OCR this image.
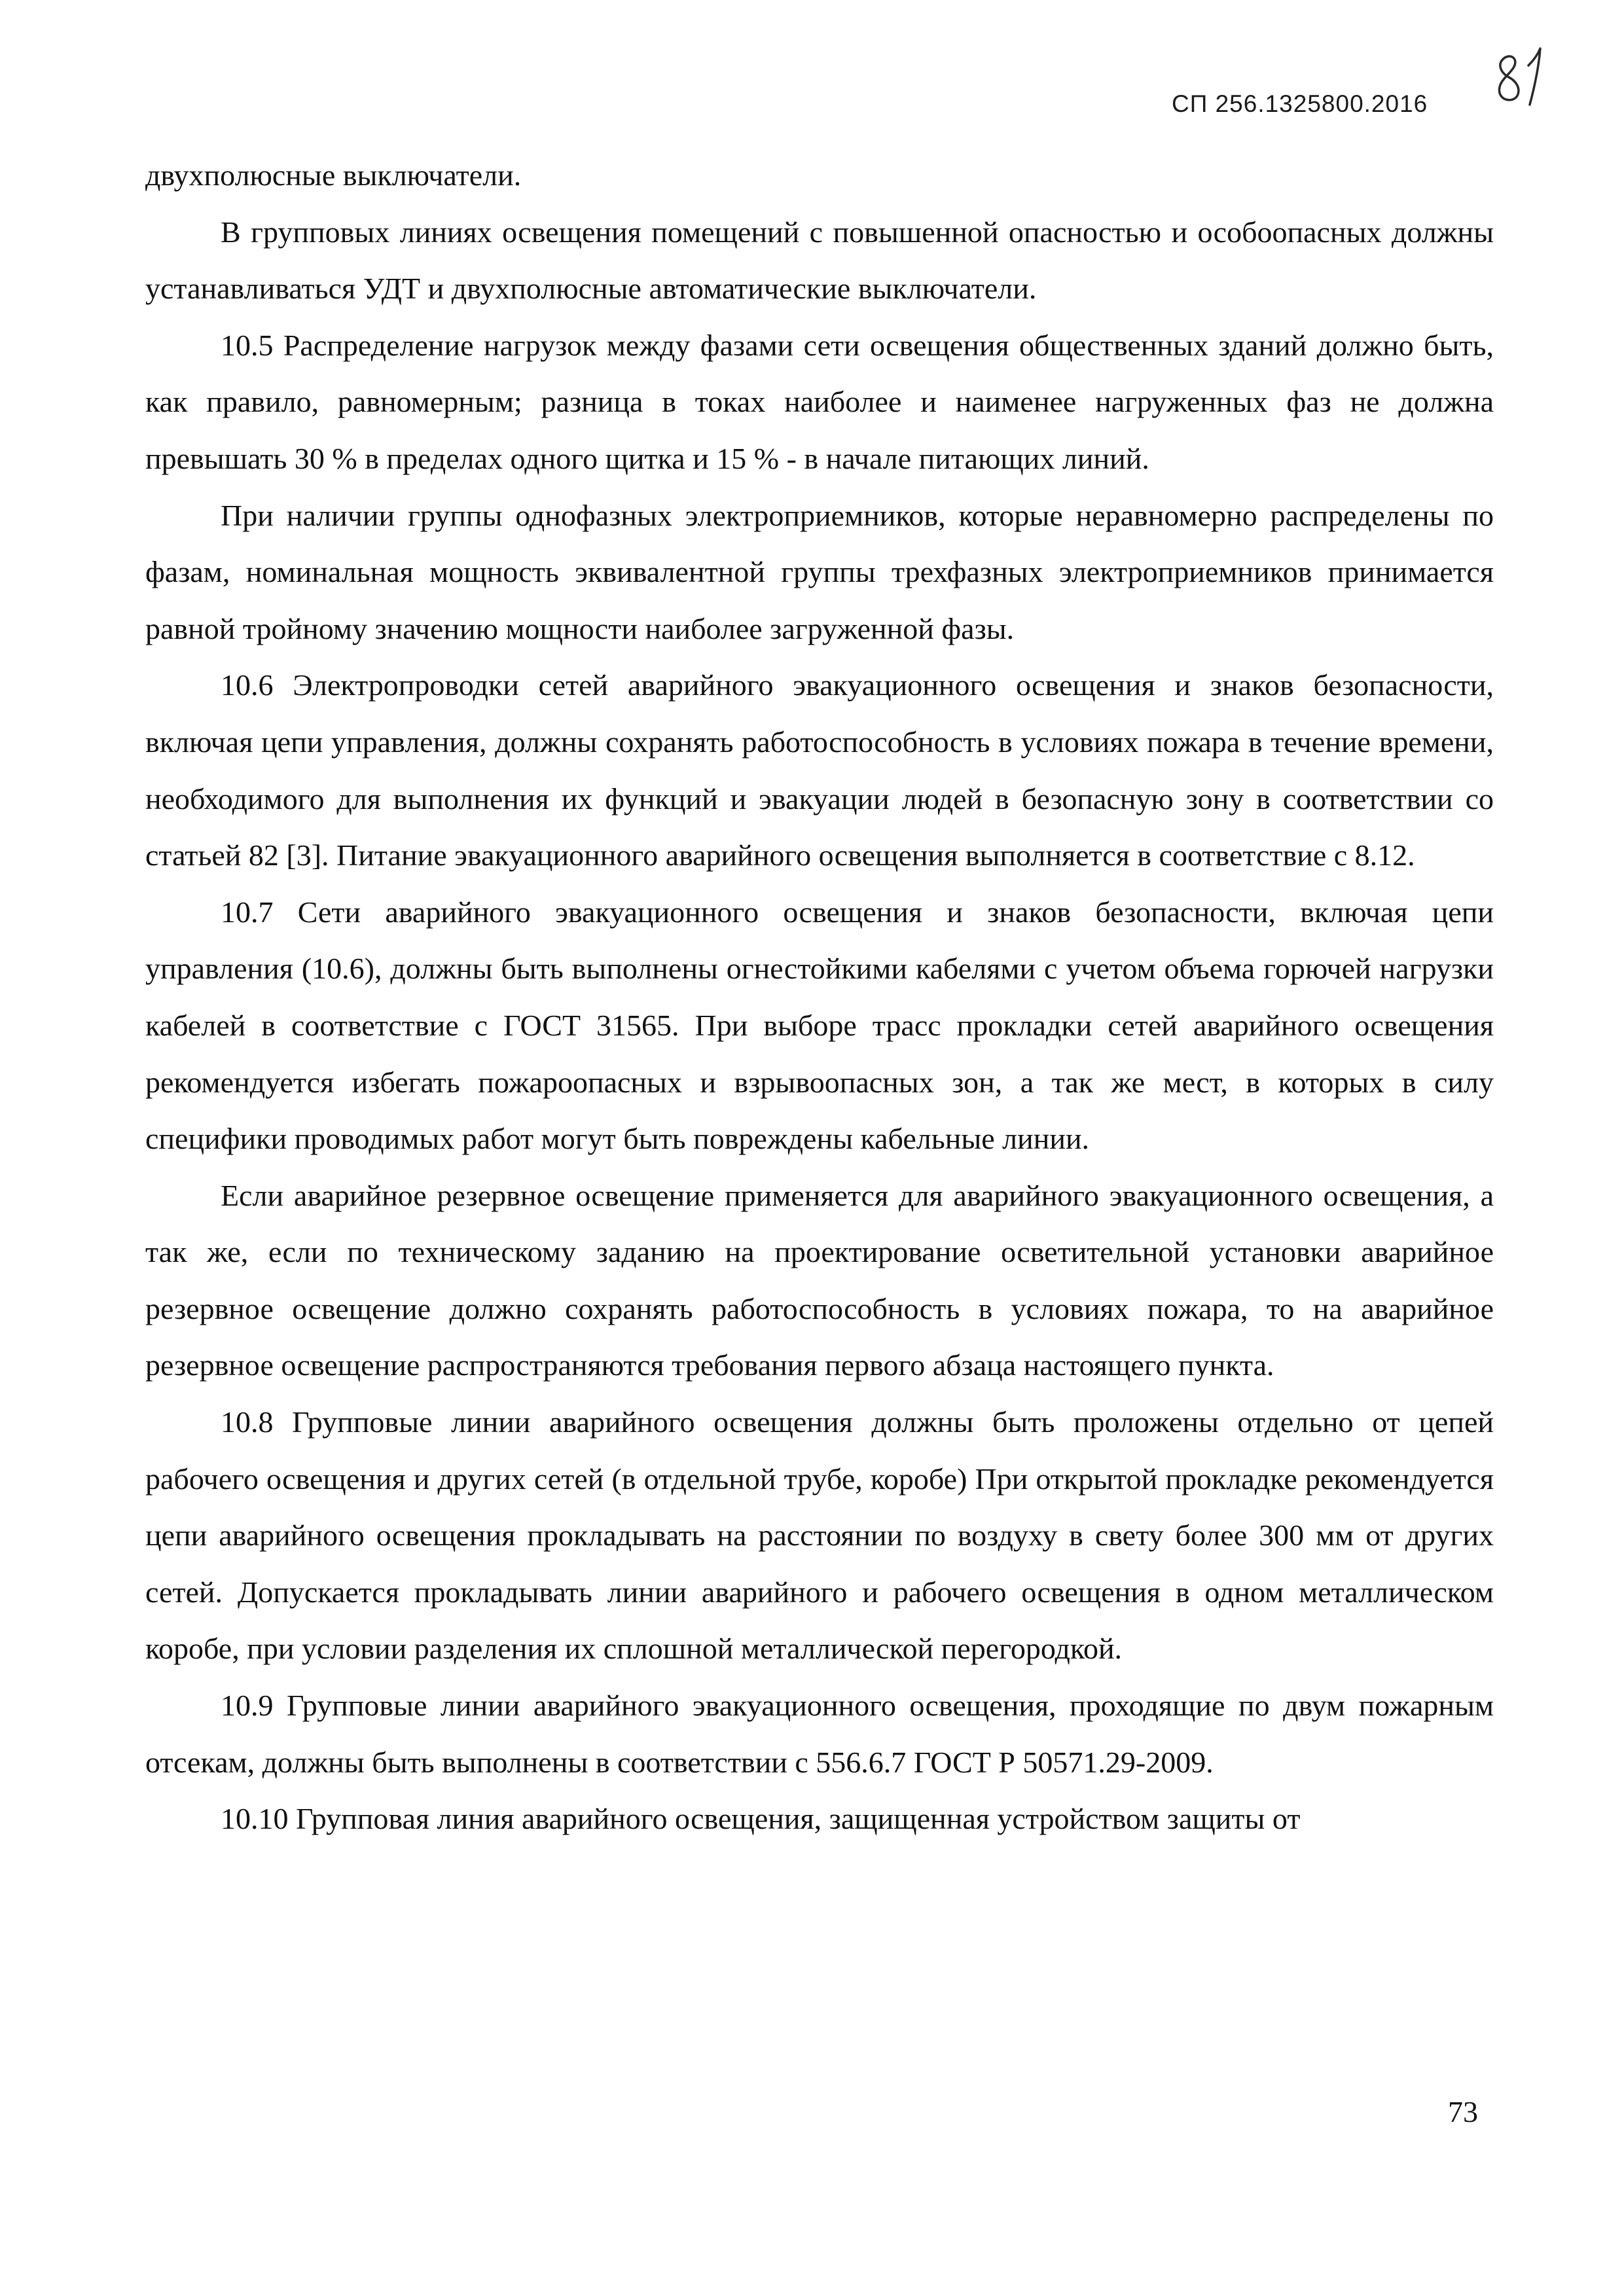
СП 256.1325800.2016

двухполюсные выключатели.

В групповых линиях освещения помещений с повышенной опасностью и особоопасных должны устанавливаться УДТ и двухполюсные автоматические выключатели.

10.5 Распределение нагрузок между фазами сети освещения общественных зданий должно быть, как правило, равномерным; разница в токах наиболее и наименее нагруженных фаз не должна превышать 30 % в пределах одного щитка и 15 % - в начале питающих линий.

При наличии группы однофазных электроприемников, которые неравномерно распределены по фазам, номинальная мощность эквивалентной группы трехфазных электроприемников принимается равной тройному значению мощности наиболее загруженной фазы.

10.6 Электропроводки сетей аварийного эвакуационного освещения и знаков безопасности, включая цепи управления, должны сохранять работоспособность в условиях пожара в течение времени, необходимого для выполнения их функций и эвакуации людей в безопасную зону в соответствии со статьей 82 [3]. Питание эвакуационного аварийного освещения выполняется в соответствие с 8.12.

10.7 Сети аварийного эвакуационного освещения и знаков безопасности, включая цепи управления (10.6), должны быть выполнены огнестойкими кабелями с учетом объема горючей нагрузки кабелей в соответствие с ГОСТ 31565. При выборе трасс прокладки сетей аварийного освещения рекомендуется избегать пожароопасных и взрывоопасных зон, а так же мест, в которых в силу специфики проводимых работ могут быть повреждены кабельные линии.

Если аварийное резервное освещение применяется для аварийного эвакуационного освещения, а так же, если по техническому заданию на проектирование осветительной установки аварийное резервное освещение должно сохранять работоспособность в условиях пожара, то на аварийное резервное освещение распространяются требования первого абзаца настоящего пункта.

10.8 Групповые линии аварийного освещения должны быть проложены отдельно от цепей рабочего освещения и других сетей (в отдельной трубе, коробе) При открытой прокладке рекомендуется цепи аварийного освещения прокладывать на расстоянии по воздуху в свету более 300 мм от других сетей. Допускается прокладывать линии аварийного и рабочего освещения в одном металлическом коробе, при условии разделения их сплошной металлической перегородкой.

10.9 Групповые линии аварийного эвакуационного освещения, проходящие по двум пожарным отсекам, должны быть выполнены в соответствии с 556.6.7 ГОСТ Р 50571.29-2009.

10.10 Групповая линия аварийного освещения, защищенная устройством защиты от

73
